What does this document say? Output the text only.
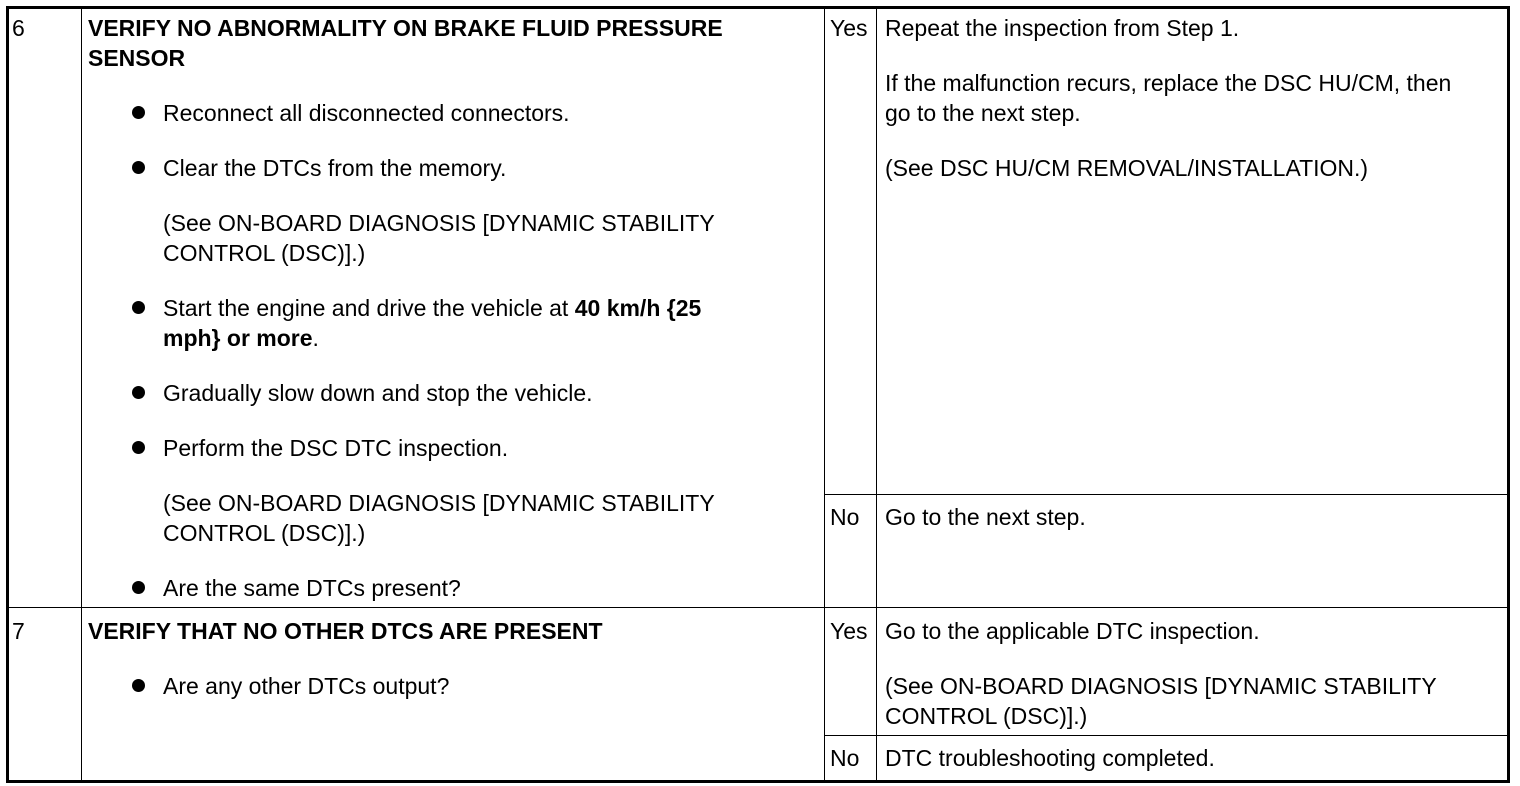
6	VERIFY NO ABNORMALITY ON BRAKE FLUID PRESSURE
SENSOR
Reconnect all disconnected connectors.
Clear the DTCs from the memory.
(See ON-BOARD DIAGNOSIS [DYNAMIC STABILITY
CONTROL (DSC)].)
Start the engine and drive the vehicle at 40 km/h {25
mph} or more.
Gradually slow down and stop the vehicle.
Perform the DSC DTC inspection.
(See ON-BOARD DIAGNOSIS [DYNAMIC STABILITY
CONTROL (DSC)].)
Are the same DTCs present?
Yes Repeat the inspection from Step 1.
If the malfunction recurs, replace the DSC HU/CM, then
go to the next step.
(See DSC HU/CM REMOVAL/INSTALLATION.)
No Go to the next step.
7	VERIFY THAT NO OTHER DTCS ARE PRESENT
Are any other DTCs output?
Yes Go to the applicable DTC inspection.
(See ON-BOARD DIAGNOSIS [DYNAMIC STABILITY
CONTROL (DSC)].)
No DTC troubleshooting completed.
